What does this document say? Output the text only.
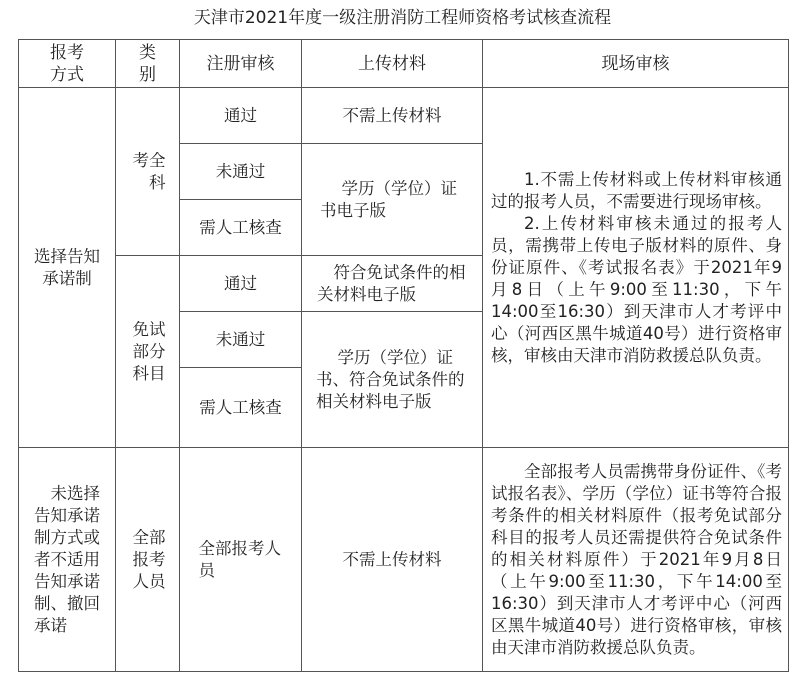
天津市2021年度一级注册消防工程师资格考试核查流程
报考方式	类别	注册审核	上传材料	现场审核

选择告知承诺制	考全科	通过	不需上传材料	1.不需上传材料或上传材料审核通过的报考人员，不需要进行现场审核。
2.上传材料审核未通过的报考人员，需携带上传电子版材料的原件、身份证原件、《考试报名表》于2021年9月8日（上午9:00至11:30，下午14:00至16:30）到天津市人才考评中心（河西区黑牛城道40号）进行资格审核，审核由天津市消防救援总队负责。

		未通过	学历（学位）证书电子版	

		需人工核查		

	免试部分科目	通过	符合免试条件的相关材料电子版	

		未通过	学历（学位）证书、符合免试条件的相关材料电子版	

		需人工核查		

未选择告知承诺制方式或者不适用告知承诺制、撤回承诺	全部报考人员	全部报考人员	不需上传材料	全部报考人员需携带身份证件、《考试报名表》、学历（学位）证书等符合报考条件的相关材料原件（报考免试部分科目的报考人员还需提供符合免试条件的相关材料原件）于2021年9月8日（上午9:00至11:30，下午14:00至16:30）到天津市人才考评中心（河西区黑牛城道40号）进行资格审核，审核由天津市消防救援总队负责。
